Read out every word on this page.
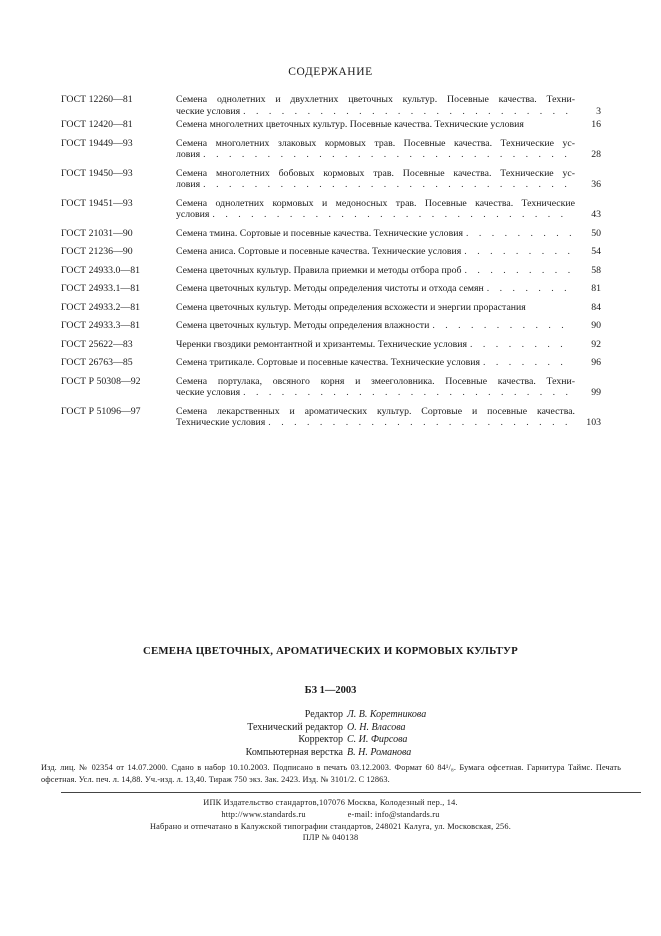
СОДЕРЖАНИЕ
ГОСТ 12260—81	Семена однолетних и двухлетних цветочных культур. Посевные качества. Техни-
ческие условия . . .	3
ГОСТ 12420—81	Семена многолетних цветочных культур. Посевные качества. Технические условия	16
ГОСТ 19449—93	Семена многолетних злаковых кормовых трав. Посевные качества. Технические ус-
ловия . . .	28
ГОСТ 19450—93	Семена многолетних бобовых кормовых трав. Посевные качества. Технические ус-
ловия . . .	36
ГОСТ 19451—93	Семена однолетних кормовых и медоносных трав. Посевные качества. Технические
условия . . .	43
ГОСТ 21031—90	Семена тмина. Сортовые и посевные качества. Технические условия . . .	50
ГОСТ 21236—90	Семена аниса. Сортовые и посевные качества. Технические условия . . .	54
ГОСТ 24933.0—81	Семена цветочных культур. Правила приемки и методы отбора проб . . .	58
ГОСТ 24933.1—81	Семена цветочных культур. Методы определения чистоты и отхода семян . . .	81
ГОСТ 24933.2—81	Семена цветочных культур. Методы определения всхожести и энергии прорастания	84
ГОСТ 24933.3—81	Семена цветочных культур. Методы определения влажности . . .	90
ГОСТ 25622—83	Черенки гвоздики ремонтантной и хризантемы. Технические условия . . .	92
ГОСТ 26763—85	Семена тритикале. Сортовые и посевные качества. Технические условия . . .	96
ГОСТ Р 50308—92	Семена портулака, овсяного корня и змееголовника. Посевные качества. Техни-
ческие условия . . .	99
ГОСТ Р 51096—97	Семена лекарственных и ароматических культур. Сортовые и посевные качества.
Технические условия . . .	103
СЕМЕНА ЦВЕТОЧНЫХ, АРОМАТИЧЕСКИХ И КОРМОВЫХ КУЛЬТУР
БЗ 1—2003
Редактор Л. В. Коретникова
Технический редактор О. Н. Власова
Корректор С. И. Фирсова
Компьютерная верстка В. Н. Романова
Изд. лиц. № 02354 от 14.07.2000. Сдано в набор 10.10.2003. Подписано в печать 03.12.2003. Формат 60 84¹/₈. Бумага офсетная. Гарнитура Таймс. Печать офсетная. Усл. печ. л. 14,88. Уч.-изд. л. 13,40. Тираж 750 экз. Зак. 2423. Изд. № 3101/2. С 12863.
ИПК Издательство стандартов,107076 Москва, Колодезный пер., 14.
http://www.standards.ru	e-mail: info@standards.ru
Набрано и отпечатано в Калужской типографии стандартов, 248021 Калуга, ул. Московская, 256.
ПЛР № 040138
